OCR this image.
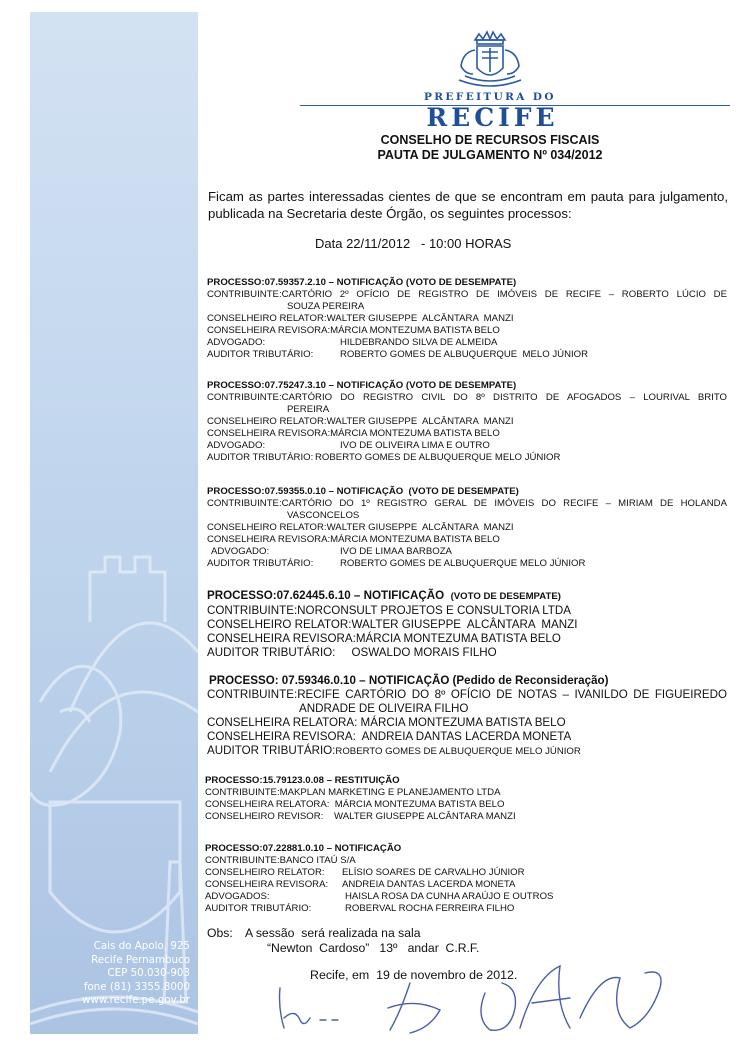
Cais do Apolo, 925
Recife Pernambuco
CEP 50.030-903
fone (81) 3355.8000
www.recife.pe.gov.br
PREFEITURA DO
RECIFE
CONSELHO DE RECURSOS FISCAIS
PAUTA DE JULGAMENTO Nº 034/2012
Ficam as partes interessadas cientes de que se encontram em pauta para julgamento, publicada na Secretaria deste Órgão, os seguintes processos:
Data 22/11/2012   - 10:00 HORAS
PROCESSO:07.59357.2.10 – NOTIFICAÇÃO (VOTO DE DESEMPATE)
CONTRIBUINTE:CARTÓRIO 2º OFÍCIO DE REGISTRO DE IMÓVEIS DE RECIFE – ROBERTO LÚCIO DE
SOUZA PEREIRA
CONSELHEIRO RELATOR:WALTER GIUSEPPE  ALCÂNTARA  MANZI
CONSELHEIRA REVISORA:MÁRCIA MONTEZUMA BATISTA BELO
ADVOGADO:	HILDEBRANDO SILVA DE ALMEIDA
AUDITOR TRIBUTÁRIO:	ROBERTO GOMES DE ALBUQUERQUE  MELO JÚNIOR
PROCESSO:07.75247.3.10 – NOTIFICAÇÃO (VOTO DE DESEMPATE)
CONTRIBUINTE:CARTÓRIO DO REGISTRO CIVIL DO 8º DISTRITO DE AFOGADOS – LOURIVAL BRITO
PEREIRA
CONSELHEIRO RELATOR:WALTER GIUSEPPE  ALCÂNTARA  MANZI
CONSELHEIRA REVISORA:MÁRCIA MONTEZUMA BATISTA BELO
ADVOGADO:	IVO DE OLIVEIRA LIMA E OUTRO
AUDITOR TRIBUTÁRIO: ROBERTO GOMES DE ALBUQUERQUE MELO JÚNIOR
PROCESSO:07.59355.0.10 – NOTIFICAÇÃO  (VOTO DE DESEMPATE)
CONTRIBUINTE:CARTÓRIO DO 1º REGISTRO GERAL DE IMÓVEIS DO RECIFE – MIRIAM DE HOLANDA
VASCONCELOS
CONSELHEIRO RELATOR:WALTER GIUSEPPE  ALCÂNTARA  MANZI
CONSELHEIRA REVISORA:MÁRCIA MONTEZUMA BATISTA BELO
ADVOGADO:	IVO DE LIMAA BARBOZA
AUDITOR TRIBUTÁRIO:	ROBERTO GOMES DE ALBUQUERQUE MELO JÚNIOR
PROCESSO:07.62445.6.10 – NOTIFICAÇÃO (VOTO DE DESEMPATE)
CONTRIBUINTE:NORCONSULT PROJETOS E CONSULTORIA LTDA
CONSELHEIRO RELATOR:WALTER GIUSEPPE  ALCÂNTARA  MANZI
CONSELHEIRA REVISORA:MÁRCIA MONTEZUMA BATISTA BELO
AUDITOR TRIBUTÁRIO:     OSWALDO MORAIS FILHO
PROCESSO: 07.59346.0.10 – NOTIFICAÇÃO (Pedido de Reconsideração)
CONTRIBUINTE:RECIFE CARTÓRIO DO 8º OFÍCIO DE NOTAS – IVANILDO DE FIGUEIREDO
ANDRADE DE OLIVEIRA FILHO
CONSELHEIRA RELATORA: MÁRCIA MONTEZUMA BATISTA BELO
CONSELHEIRA REVISORA:  ANDREIA DANTAS LACERDA MONETA
AUDITOR TRIBUTÁRIO:ROBERTO GOMES DE ALBUQUERQUE MELO JÚNIOR
PROCESSO:15.79123.0.08 – RESTITUIÇÃO
CONTRIBUINTE:MAKPLAN MARKETING E PLANEJAMENTO LTDA
CONSELHEIRA RELATORA:  MÁRCIA MONTEZUMA BATISTA BELO
CONSELHEIRO REVISOR:    WALTER GIUSEPPE ALCÂNTARA MANZI
PROCESSO:07.22881.0.10 – NOTIFICAÇÃO
CONTRIBUINTE:BANCO ITAÚ S/A
CONSELHEIRO RELATOR: ELÍSIO SOARES DE CARVALHO JÚNIOR
CONSELHEIRA REVISORA: ANDREIA DANTAS LACERDA MONETA
ADVOGADOS:	HAISLA ROSA DA CUNHA ARAÚJO E OUTROS
AUDITOR TRIBUTÁRIO:	ROBERVAL ROCHA FERREIRA FILHO
Obs: A sessão  será realizada na sala
“Newton  Cardoso”   13º   andar  C.R.F.
Recife, em  19 de novembro de 2012.
